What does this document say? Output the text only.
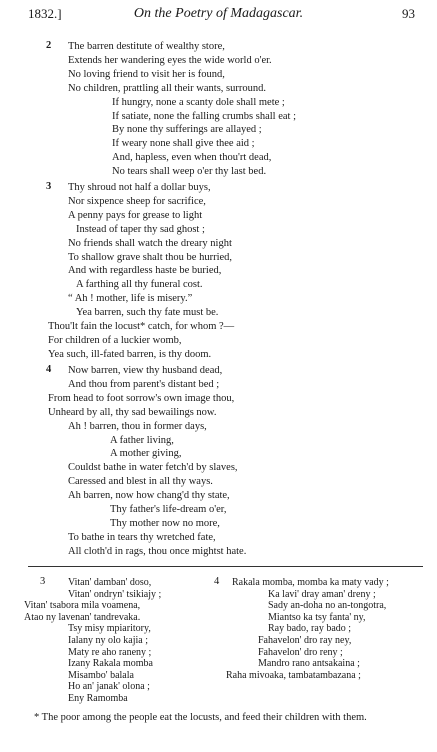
1832.]	On the Poetry of Madagascar.	93
2 The barren destitute of wealthy store,
Extends her wandering eyes the wide world o'er.
No loving friend to visit her is found,
No children, prattling all their wants, surround.
If hungry, none a scanty dole shall mete ;
If satiate, none the falling crumbs shall eat ;
By none thy sufferings are allayed ;
If weary none shall give thee aid ;
And, hapless, even when thou'rt dead,
No tears shall weep o'er thy last bed.
3 Thy shroud not half a dollar buys,
Nor sixpence sheep for sacrifice,
A penny pays for grease to light
Instead of taper thy sad ghost ;
No friends shall watch the dreary night
To shallow grave shalt thou be hurried,
And with regardless haste be buried,
A farthing all thy funeral cost.
“ Ah ! mother, life is misery.”
Yea barren, such thy fate must be.
Thou'lt fain the locust* catch, for whom ?—
For children of a luckier womb,
Yea such, ill-fated barren, is thy doom.
4 Now barren, view thy husband dead,
And thou from parent's distant bed ;
From head to foot sorrow's own image thou,
Unheard by all, thy sad bewailings now.
Ah ! barren, thou in former days,
A father living,
A mother giving,
Couldst bathe in water fetch'd by slaves,
Caressed and blest in all thy ways.
Ah barren, now how chang'd thy state,
Thy father's life-dream o'er,
Thy mother now no more,
To bathe in tears thy wretched fate,
All cloth'd in rags, thou once mightst hate.
3 Vitan' damban' doso,
Vitan' ondryn' tsikiajy ;
Vitan' tsabora mila voamena,
Atao ny lavenan' tandrevaka.
Tsy misy mpiaritory,
Ialany ny olo kajia ;
Maty re aho raneny ;
Izany Rakala momba
Misambo' balala
Ho an' janak' olona ;
Eny Ramomba
4 Rakala momba, momba ka maty vady ;
Ka lavi' dray aman' dreny ;
Sady an-doha no an-tongotra,
Miantso ka tsy fanta' ny,
Ray bado, ray bado ;
Fahavelon' dro ray ney,
Fahavelon' dro reny ;
Mandro rano antsakaina ;
Raha mivoaka, tambatambazana ;
* The poor among the people eat the locusts, and feed their children with them.
